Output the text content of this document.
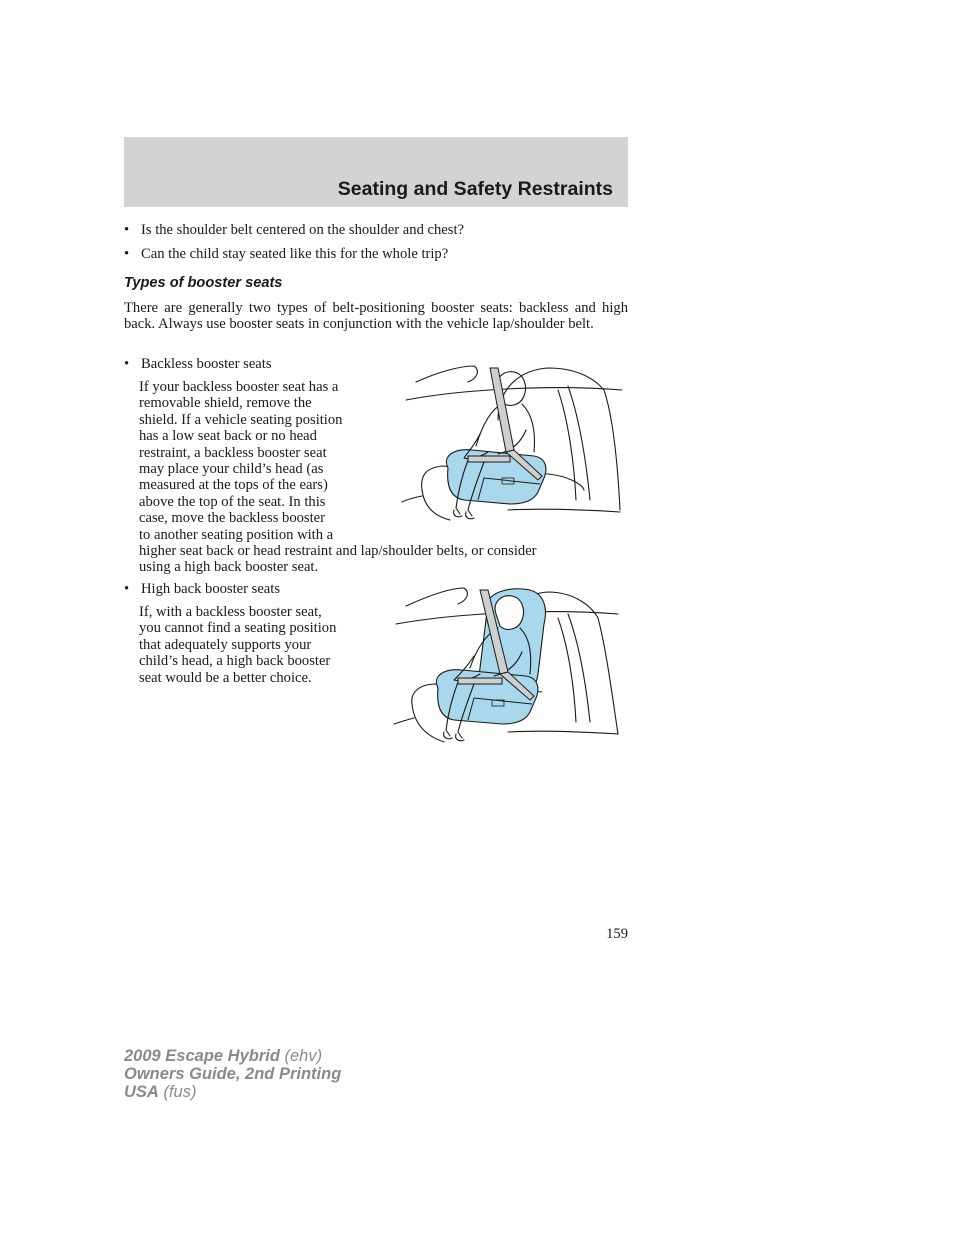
Seating and Safety Restraints
• Is the shoulder belt centered on the shoulder and chest?
• Can the child stay seated like this for the whole trip?
Types of booster seats
There are generally two types of belt-positioning booster seats: backless and high back. Always use booster seats in conjunction with the vehicle lap/shoulder belt.
• Backless booster seats
If your backless booster seat has a
removable shield, remove the
shield. If a vehicle seating position
has a low seat back or no head
restraint, a backless booster seat
may place your child’s head (as
measured at the tops of the ears)
above the top of the seat. In this
case, move the backless booster
to another seating position with a
higher seat back or head restraint and lap/shoulder belts, or consider
using a high back booster seat.
• High back booster seats
If, with a backless booster seat,
you cannot find a seating position
that adequately supports your
child’s head, a high back booster
seat would be a better choice.
159
2009 Escape Hybrid (ehv)
Owners Guide, 2nd Printing
USA (fus)
